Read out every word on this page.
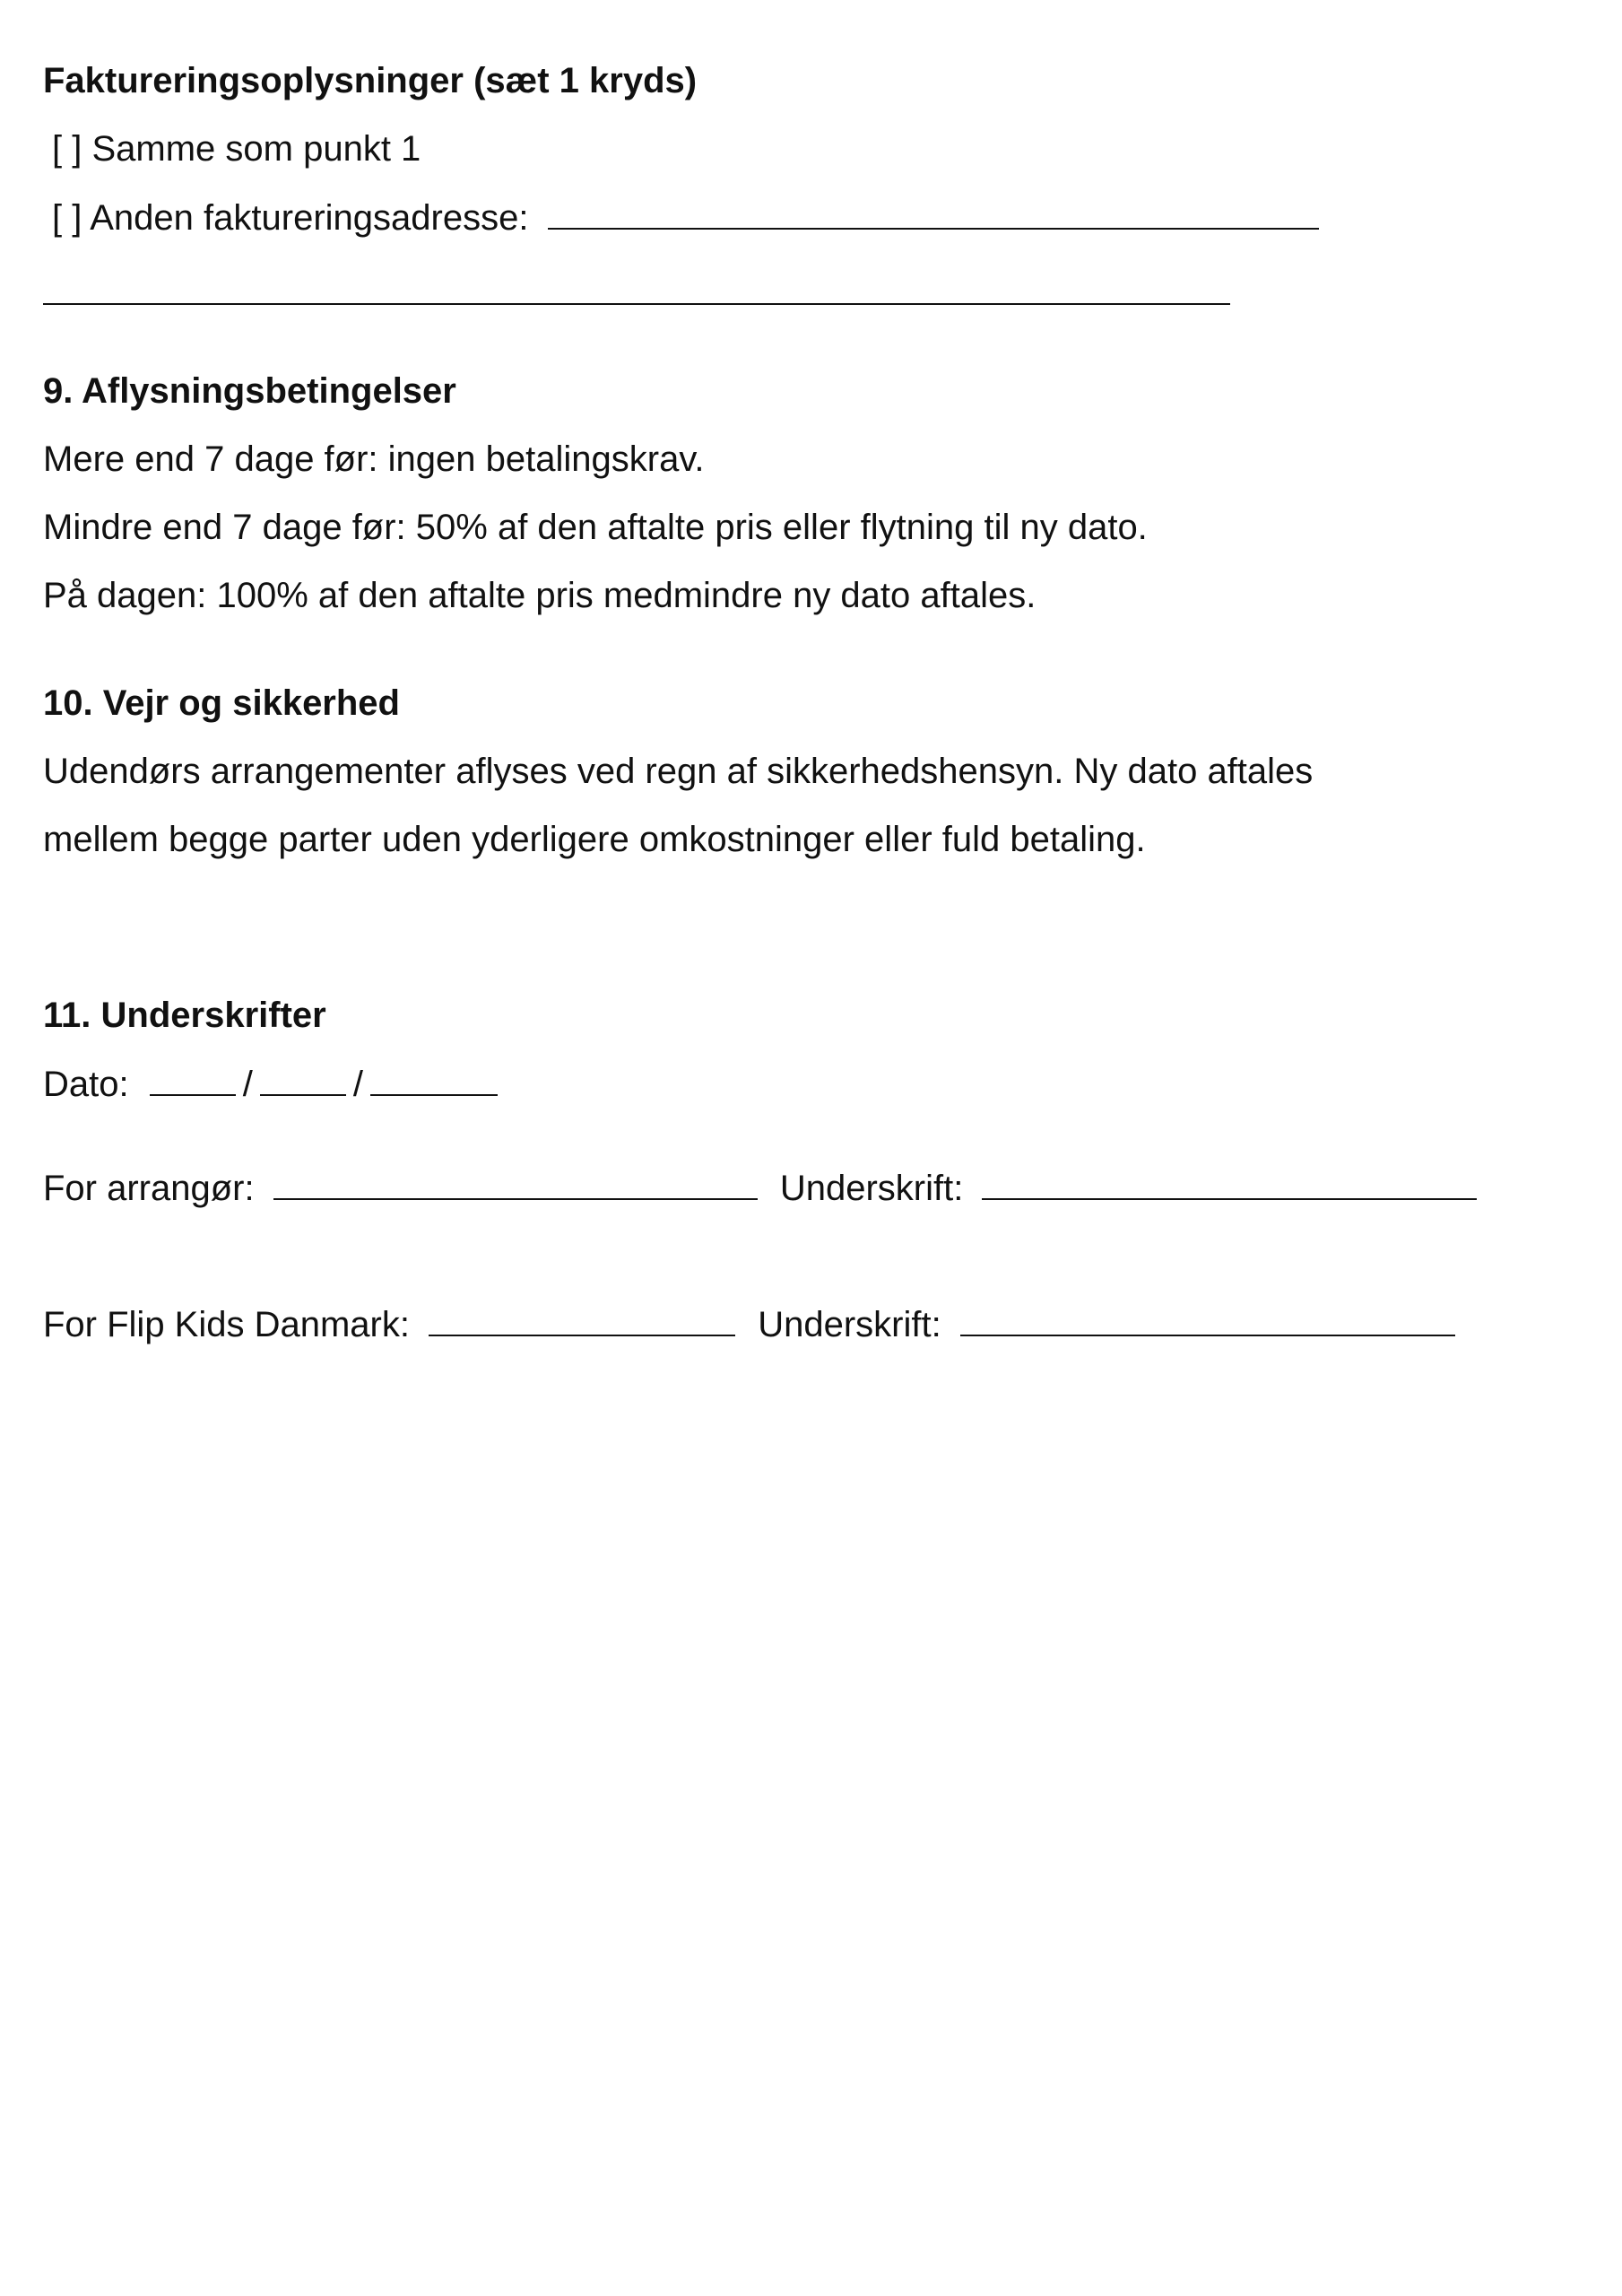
Faktureringsoplysninger (sæt 1 kryds)
[ ] Samme som punkt 1
[ ] Anden faktureringsadresse:
9. Aflysningsbetingelser
Mere end 7 dage før: ingen betalingskrav.
Mindre end 7 dage før: 50% af den aftalte pris eller flytning til ny dato.
På dagen: 100% af den aftalte pris medmindre ny dato aftales.
10. Vejr og sikkerhed
Udendørs arrangementer aflyses ved regn af sikkerhedshensyn. Ny dato aftales
mellem begge parter uden yderligere omkostninger eller fuld betaling.
11. Underskrifter
Dato:	/	/
For arrangør:	Underskrift:
For Flip Kids Danmark:	Underskrift:
